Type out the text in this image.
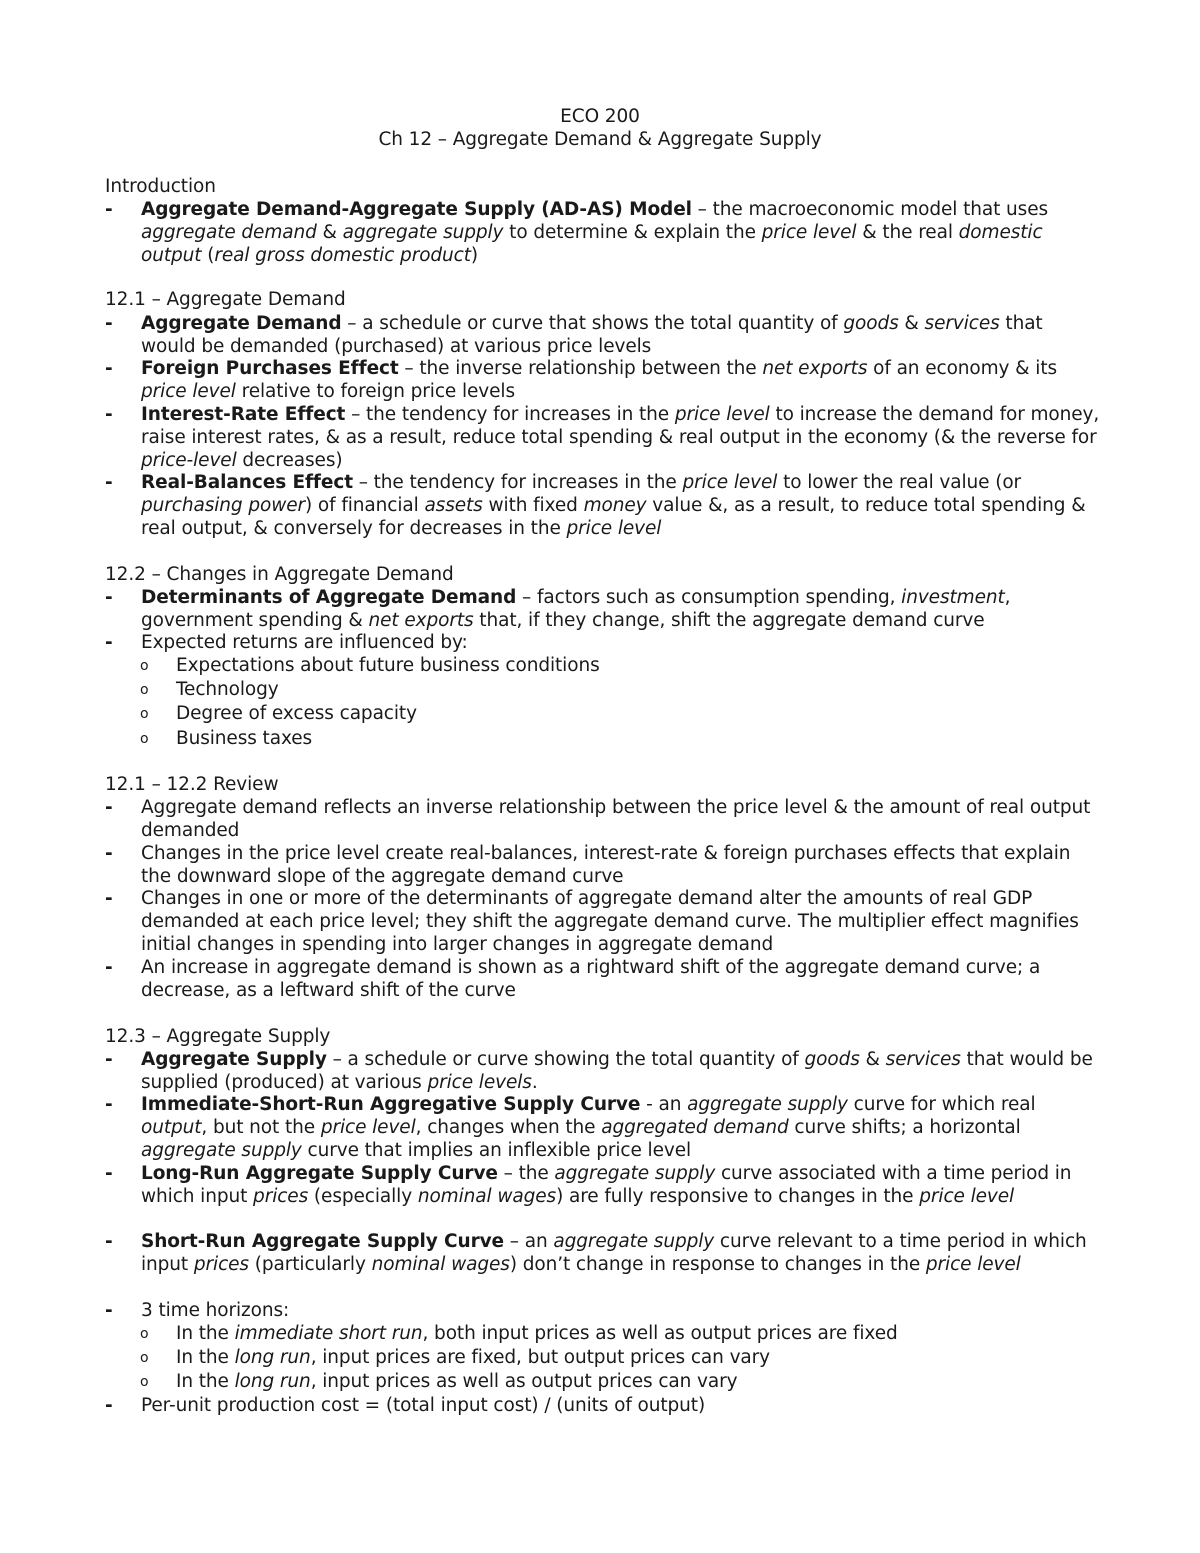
ECO 200
Ch 12 – Aggregate Demand & Aggregate Supply
Introduction
- Aggregate Demand-Aggregate Supply (AD-AS) Model – the macroeconomic model that uses aggregate demand & aggregate supply to determine & explain the price level & the real domestic output (real gross domestic product)
12.1 – Aggregate Demand
- Aggregate Demand – a schedule or curve that shows the total quantity of goods & services that would be demanded (purchased) at various price levels
- Foreign Purchases Effect – the inverse relationship between the net exports of an economy & its price level relative to foreign price levels
- Interest-Rate Effect – the tendency for increases in the price level to increase the demand for money, raise interest rates, & as a result, reduce total spending & real output in the economy (& the reverse for price-level decreases)
- Real-Balances Effect – the tendency for increases in the price level to lower the real value (or purchasing power) of financial assets with fixed money value &, as a result, to reduce total spending & real output, & conversely for decreases in the price level
12.2 – Changes in Aggregate Demand
- Determinants of Aggregate Demand – factors such as consumption spending, investment, government spending & net exports that, if they change, shift the aggregate demand curve
- Expected returns are influenced by:
o Expectations about future business conditions
o Technology
o Degree of excess capacity
o Business taxes
12.1 – 12.2 Review
- Aggregate demand reflects an inverse relationship between the price level & the amount of real output demanded
- Changes in the price level create real-balances, interest-rate & foreign purchases effects that explain the downward slope of the aggregate demand curve
- Changes in one or more of the determinants of aggregate demand alter the amounts of real GDP demanded at each price level; they shift the aggregate demand curve. The multiplier effect magnifies initial changes in spending into larger changes in aggregate demand
- An increase in aggregate demand is shown as a rightward shift of the aggregate demand curve; a decrease, as a leftward shift of the curve
12.3 – Aggregate Supply
- Aggregate Supply – a schedule or curve showing the total quantity of goods & services that would be supplied (produced) at various price levels.
- Immediate-Short-Run Aggregative Supply Curve - an aggregate supply curve for which real output, but not the price level, changes when the aggregated demand curve shifts; a horizontal aggregate supply curve that implies an inflexible price level
- Long-Run Aggregate Supply Curve – the aggregate supply curve associated with a time period in which input prices (especially nominal wages) are fully responsive to changes in the price level
- Short-Run Aggregate Supply Curve – an aggregate supply curve relevant to a time period in which input prices (particularly nominal wages) don’t change in response to changes in the price level
- 3 time horizons:
o In the immediate short run, both input prices as well as output prices are fixed
o In the long run, input prices are fixed, but output prices can vary
o In the long run, input prices as well as output prices can vary
- Per-unit production cost = (total input cost) / (units of output)
